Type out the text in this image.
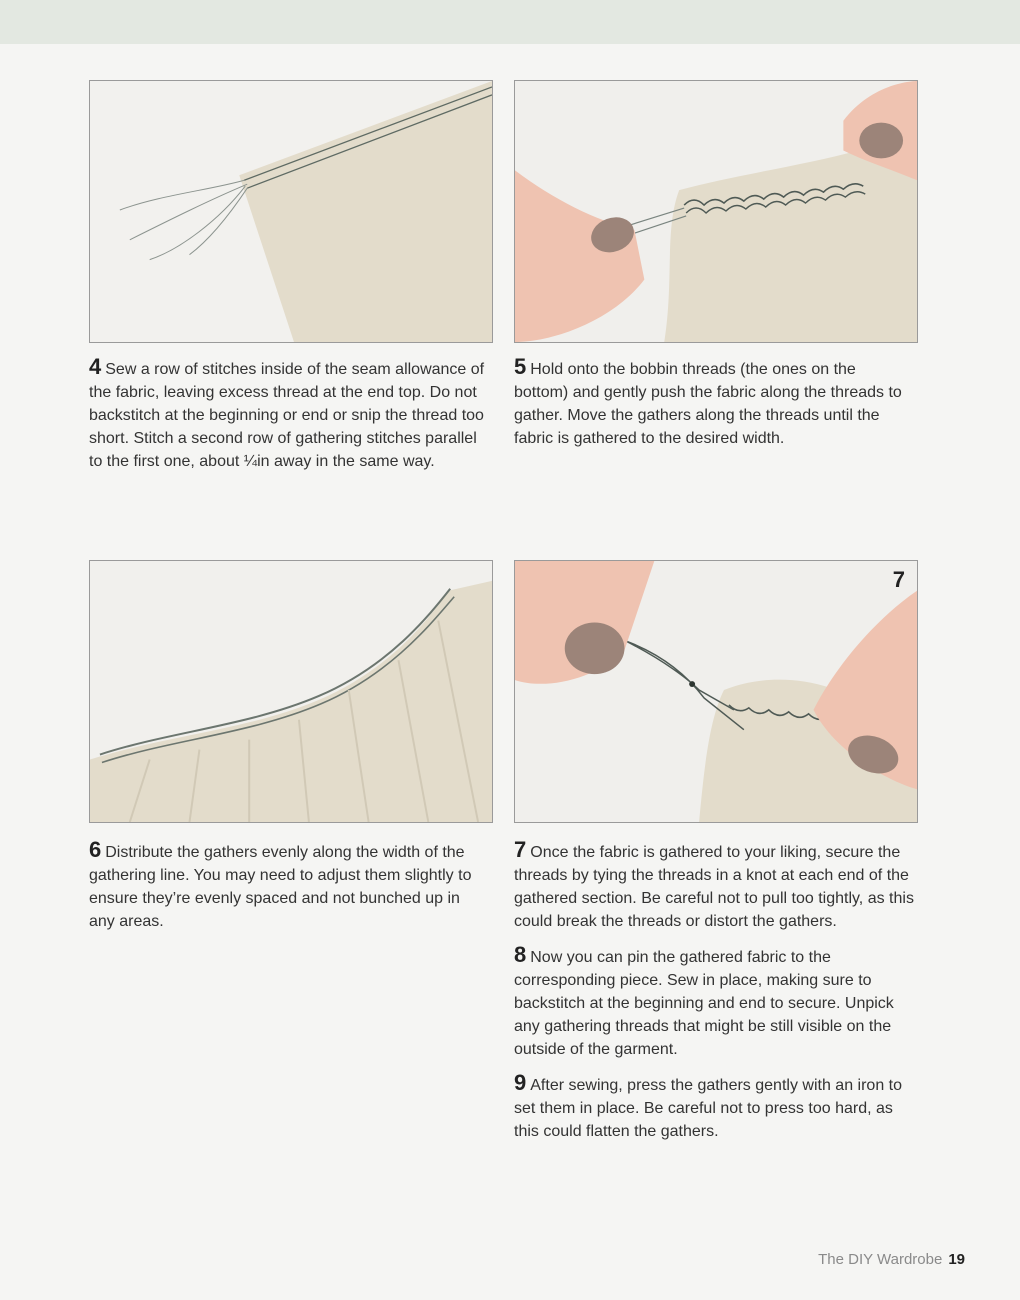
4 Sew a row of stitches inside of the seam allowance of the fabric, leaving excess thread at the end top. Do not backstitch at the beginning or end or snip the thread too short. Stitch a second row of gathering stitches parallel to the first one, about ¼in away in the same way.

5 Hold onto the bobbin threads (the ones on the bottom) and gently push the fabric along the threads to gather. Move the gathers along the threads until the fabric is gathered to the desired width.

7

6 Distribute the gathers evenly along the width of the gathering line. You may need to adjust them slightly to ensure they’re evenly spaced and not bunched up in any areas.

7 Once the fabric is gathered to your liking, secure the threads by tying the threads in a knot at each end of the gathered section. Be careful not to pull too tightly, as this could break the threads or distort the gathers.

8 Now you can pin the gathered fabric to the corresponding piece. Sew in place, making sure to backstitch at the beginning and end to secure. Unpick any gathering threads that might be still visible on the outside of the garment.

9 After sewing, press the gathers gently with an iron to set them in place. Be careful not to press too hard, as this could flatten the gathers.

The DIY Wardrobe 19
